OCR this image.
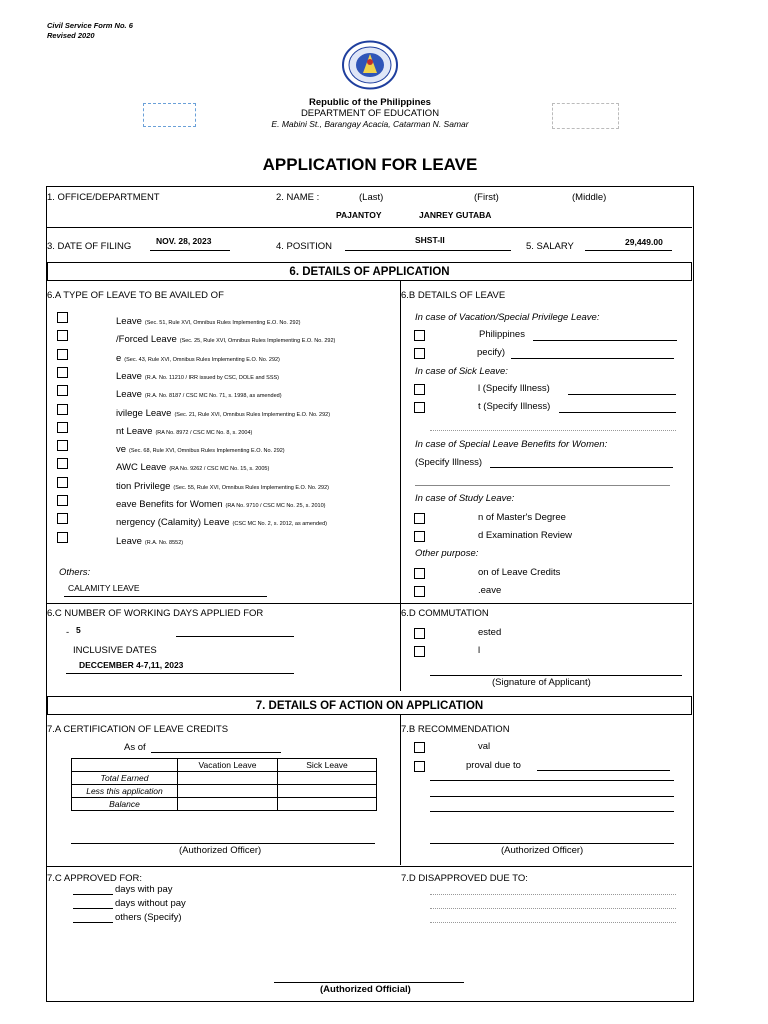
Civil Service Form No. 6
Revised 2020
Republic of the Philippines
DEPARTMENT OF EDUCATION
E. Mabini St., Barangay Acacia, Catarman N. Samar
APPLICATION FOR LEAVE
1. OFFICE/DEPARTMENT	2. NAME :	(Last)	(First)	(Middle)
PAJANTOY	JANREY GUTABA
3. DATE OF FILING	NOV. 28, 2023	4. POSITION
SHST-II
5. SALARY	29,449.00
6. DETAILS OF APPLICATION
6.A TYPE OF LEAVE TO BE AVAILED OF
Leave (Sec. 51, Rule XVI, Omnibus Rules Implementing E.O. No. 292)
/Forced Leave (Sec. 25, Rule XVI, Omnibus Rules Implementing E.O. No. 292)
e (Sec. 43, Rule XVI, Omnibus Rules Implementing E.O. No. 292)
Leave (R.A. No. 11210 / IRR issued by CSC, DOLE and SSS)
Leave (R.A. No. 8187 / CSC MC No. 71, s. 1998, as amended)
ivilege Leave (Sec. 21, Rule XVI, Omnibus Rules Implementing E.O. No. 292)
nt Leave (RA No. 8972 / CSC MC No. 8, s. 2004)
ve (Sec. 68, Rule XVI, Omnibus Rules Implementing E.O. No. 292)
AWC Leave (RA No. 9262 / CSC MC No. 15, s. 2005)
tion Privilege (Sec. 55, Rule XVI, Omnibus Rules Implementing E.O. No. 292)
eave Benefits for Women (RA No. 9710 / CSC MC No. 25, s. 2010)
nergency (Calamity) Leave (CSC MC No. 2, s. 2012, as amended)
Leave (R.A. No. 8552)
Others:
CALAMITY LEAVE
6.B DETAILS OF LEAVE
In case of Vacation/Special Privilege Leave:
Philippines
pecify)
In case of Sick Leave:
l (Specify Illness)
t (Specify Illness)
In case of Special Leave Benefits for Women:
(Specify Illness)
In case of Study Leave:
n of Master's Degree
d Examination Review
Other purpose:
on of Leave Credits
.eave
6.C NUMBER OF WORKING DAYS APPLIED FOR
5
-
INCLUSIVE DATES
DECCEMBER 4-7,11, 2023
6.D COMMUTATION
ested
l
(Signature of Applicant)
7. DETAILS OF ACTION ON APPLICATION
7.A CERTIFICATION OF LEAVE CREDITS
As of
	Vacation Leave	Sick Leave
Total Earned		
Less this application		
Balance		
(Authorized Officer)
7.B RECOMMENDATION
val
proval due to
(Authorized Officer)
7.C APPROVED FOR:
days with pay
days without pay
others (Specify)
7.D DISAPPROVED DUE TO:
(Authorized Official)
